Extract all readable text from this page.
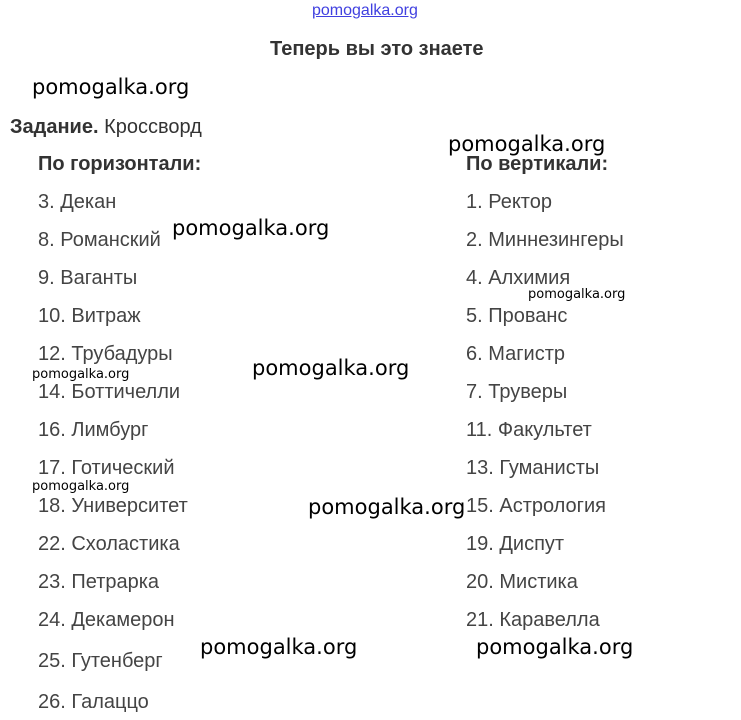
pomogalka.org
Теперь вы это знаете
Задание. Кроссворд
По горизонтали:	По вертикали:
3. Декан
8. Романский
9. Ваганты
10. Витраж
12. Трубадуры
14. Боттичелли
16. Лимбург
17. Готический
18. Университет
22. Схоластика
23. Петрарка
24. Декамерон
25. Гутенберг
26. Галаццо
1. Ректор
2. Миннезингеры
4. Алхимия
5. Прованс
6. Магистр
7. Труверы
11. Факультет
13. Гуманисты
15. Астрология
19. Диспут
20. Мистика
21. Каравелла
pomogalka.org
pomogalka.org
pomogalka.org
pomogalka.org
pomogalka.org
pomogalka.org
pomogalka.org
pomogalka.org
pomogalka.org	pomogalka.org
